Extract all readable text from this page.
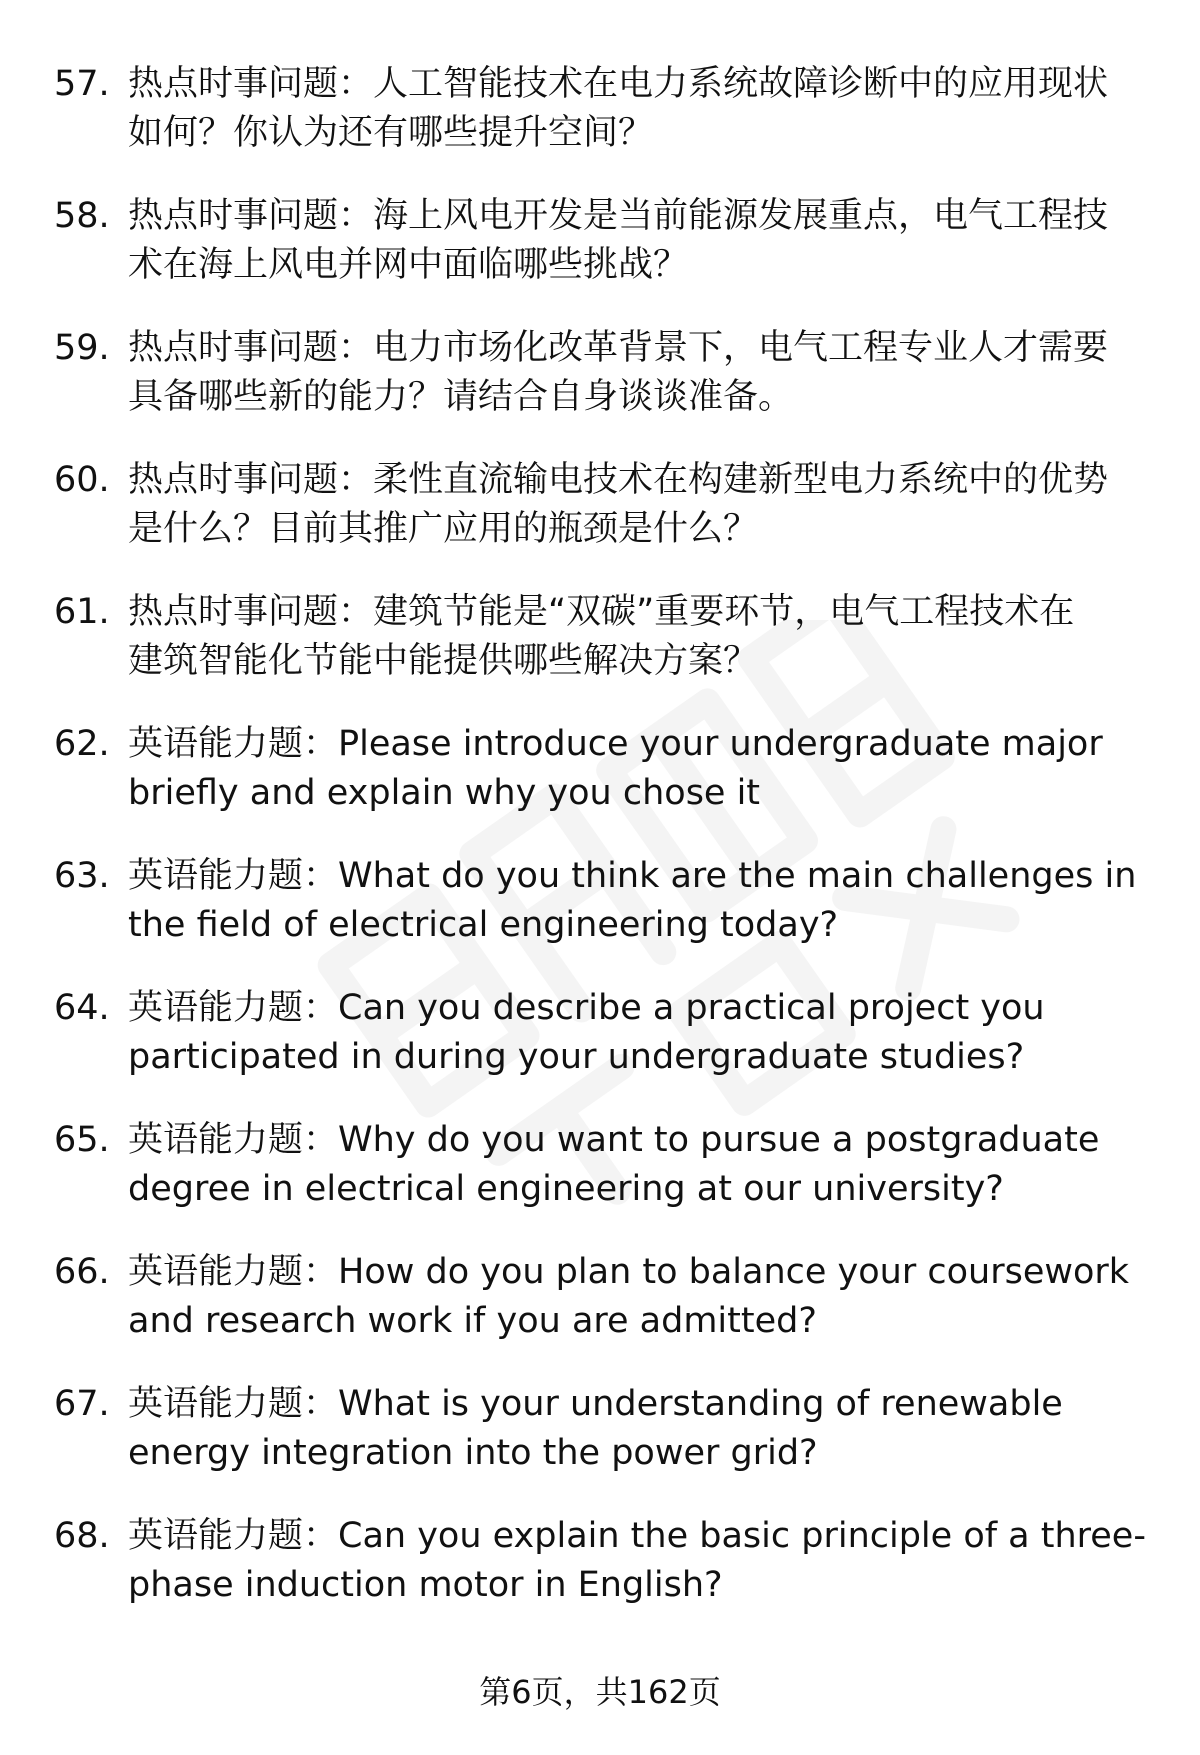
57. 热点时事问题：人工智能技术在电力系统故障诊断中的应用现状
如何？你认为还有哪些提升空间？
58. 热点时事问题：海上风电开发是当前能源发展重点，电气工程技
术在海上风电并网中面临哪些挑战？
59. 热点时事问题：电力市场化改革背景下，电气工程专业人才需要
具备哪些新的能力？请结合自身谈谈准备。
60. 热点时事问题：柔性直流输电技术在构建新型电力系统中的优势
是什么？目前其推广应用的瓶颈是什么？
61. 热点时事问题：建筑节能是“双碳”重要环节，电气工程技术在
建筑智能化节能中能提供哪些解决方案？
62. 英语能力题：Please introduce your undergraduate major
briefly and explain why you chose it
63. 英语能力题：What do you think are the main challenges in
the field of electrical engineering today?
64. 英语能力题：Can you describe a practical project you
participated in during your undergraduate studies?
65. 英语能力题：Why do you want to pursue a postgraduate
degree in electrical engineering at our university?
66. 英语能力题：How do you plan to balance your coursework
and research work if you are admitted?
67. 英语能力题：What is your understanding of renewable
energy integration into the power grid?
68. 英语能力题：Can you explain the basic principle of a three-
phase induction motor in English?
第6页，共162页
